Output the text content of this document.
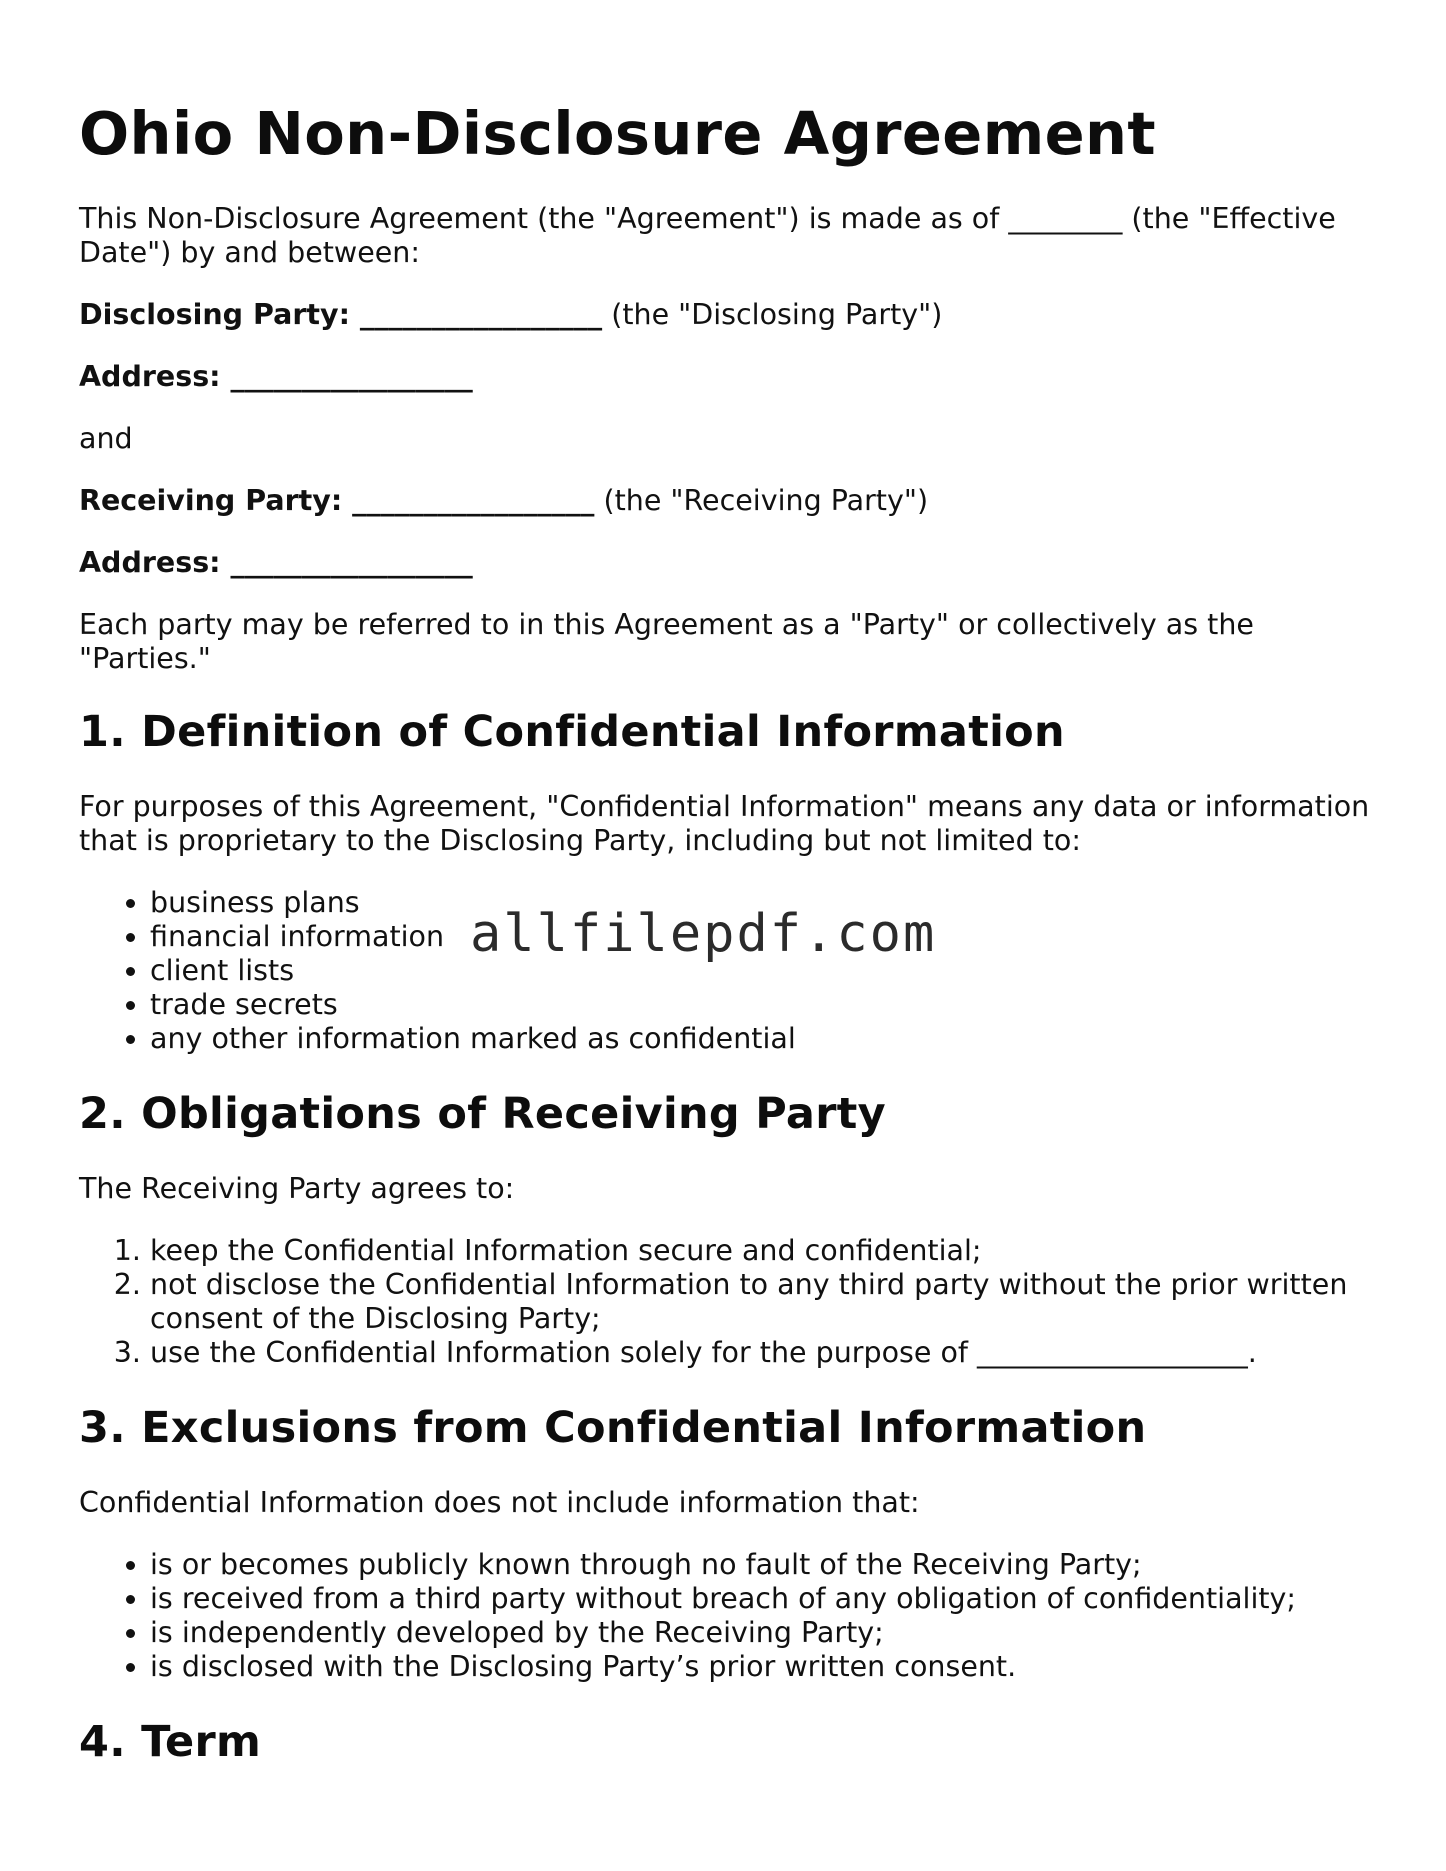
Ohio Non-Disclosure Agreement

This Non-Disclosure Agreement (the "Agreement") is made as of ________ (the "Effective Date") by and between:

Disclosing Party: _________________ (the "Disclosing Party")

Address: _________________

and

Receiving Party: _________________ (the "Receiving Party")

Address: _________________

Each party may be referred to in this Agreement as a "Party" or collectively as the "Parties."

1. Definition of Confidential Information

For purposes of this Agreement, "Confidential Information" means any data or information that is proprietary to the Disclosing Party, including but not limited to:

• business plans
• financial information
• client lists
• trade secrets
• any other information marked as confidential
2. Obligations of Receiving Party

The Receiving Party agrees to:

1. keep the Confidential Information secure and confidential;
2. not disclose the Confidential Information to any third party without the prior written consent of the Disclosing Party;
3. use the Confidential Information solely for the purpose of ___________________.
3. Exclusions from Confidential Information

Confidential Information does not include information that:

• is or becomes publicly known through no fault of the Receiving Party;
• is received from a third party without breach of any obligation of confidentiality;
• is independently developed by the Receiving Party;
• is disclosed with the Disclosing Party’s prior written consent.
4. Term
allfilepdf.com
